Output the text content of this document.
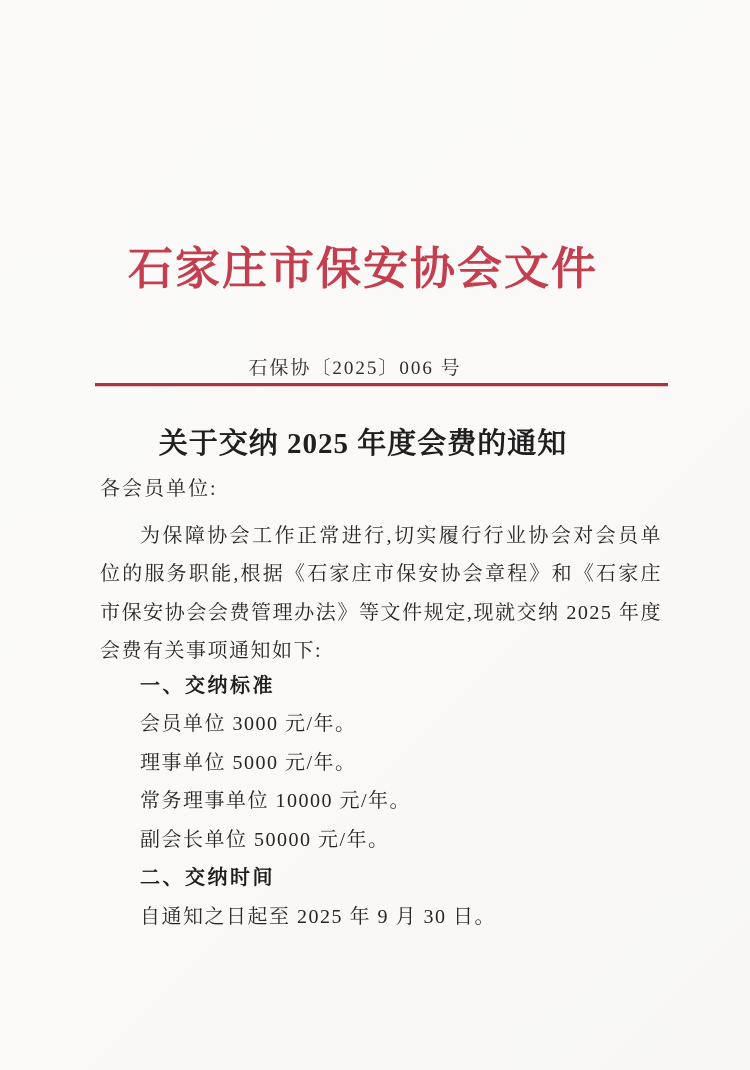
石家庄市保安协会文件
石保协〔2025〕006 号
关于交纳 2025 年度会费的通知

各会员单位:

为保障协会工作正常进行,切实履行行业协会对会员单位的服务职能,根据《石家庄市保安协会章程》和《石家庄市保安协会会费管理办法》等文件规定,现就交纳 2025 年度会费有关事项通知如下:

一、交纳标准

会员单位 3000 元/年。

理事单位 5000 元/年。

常务理事单位 10000 元/年。

副会长单位 50000 元/年。

二、交纳时间

自通知之日起至 2025 年 9 月 30 日。
